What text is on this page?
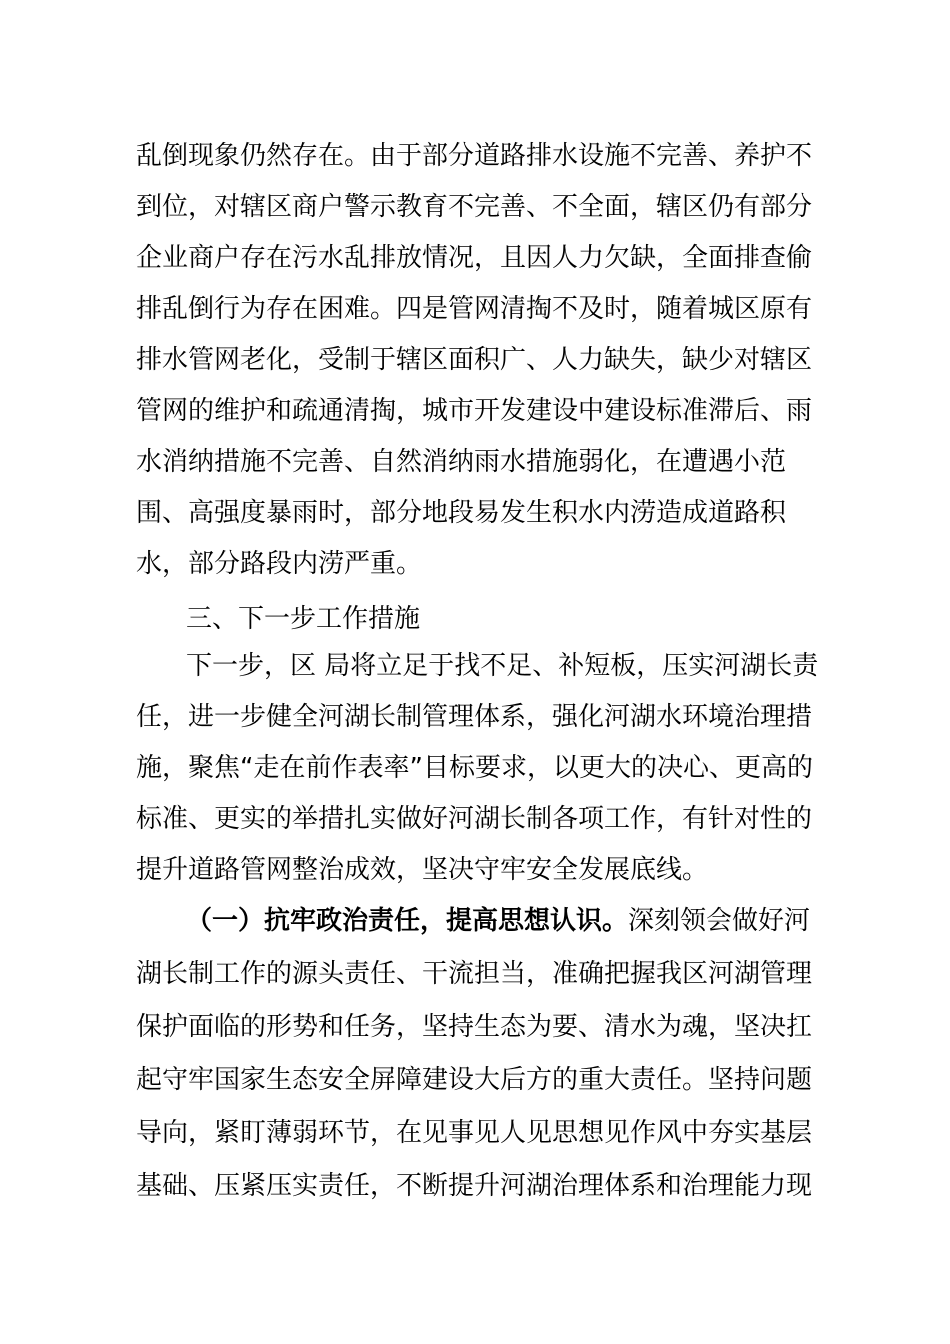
乱倒现象仍然存在。由于部分道路排水设施不完善、养护不
到位，对辖区商户警示教育不完善、不全面，辖区仍有部分
企业商户存在污水乱排放情况，且因人力欠缺，全面排查偷
排乱倒行为存在困难。四是管网清掏不及时，随着城区原有
排水管网老化，受制于辖区面积广、人力缺失，缺少对辖区
管网的维护和疏通清掏，城市开发建设中建设标准滞后、雨
水消纳措施不完善、自然消纳雨水措施弱化，在遭遇小范
围、高强度暴雨时，部分地段易发生积水内涝造成道路积
水，部分路段内涝严重。
三、下一步工作措施
下一步，区 局将立足于找不足、补短板，压实河湖长责
任，进一步健全河湖长制管理体系，强化河湖水环境治理措
施，聚焦“走在前作表率”目标要求，以更大的决心、更高的
标准、更实的举措扎实做好河湖长制各项工作，有针对性的
提升道路管网整治成效，坚决守牢安全发展底线。
（一）抗牢政治责任，提高思想认识。深刻领会做好河
湖长制工作的源头责任、干流担当，准确把握我区河湖管理
保护面临的形势和任务，坚持生态为要、清水为魂，坚决扛
起守牢国家生态安全屏障建设大后方的重大责任。坚持问题
导向，紧盯薄弱环节，在见事见人见思想见作风中夯实基层
基础、压紧压实责任，不断提升河湖治理体系和治理能力现
